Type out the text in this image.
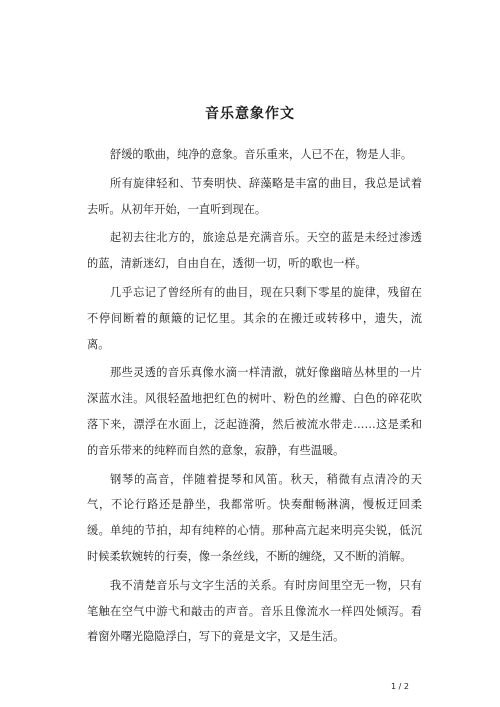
音乐意象作文

舒缓的歌曲，纯净的意象。音乐重来，人已不在，物是人非。

所有旋律轻和、节奏明快、辞藻略是丰富的曲目，我总是试着去听。从初年开始，一直听到现在。

起初去往北方的，旅途总是充满音乐。天空的蓝是未经过渗透的蓝，清新迷幻，自由自在，透彻一切，听的歌也一样。

几乎忘记了曾经所有的曲目，现在只剩下零星的旋律，残留在不停间断着的颠簸的记忆里。其余的在搬迁或转移中，遗失，流离。

那些灵透的音乐真像水滴一样清澈，就好像幽暗丛林里的一片深蓝水洼。风很轻盈地把红色的树叶、粉色的丝瓣、白色的碎花吹落下来，漂浮在水面上，泛起涟漪，然后被流水带走……这是柔和的音乐带来的纯粹而自然的意象，寂静，有些温暖。

钢琴的高音，伴随着提琴和风笛。秋天，稍微有点清冷的天气，不论行路还是静坐，我都常听。快奏酣畅淋漓，慢板迂回柔缓。单纯的节拍，却有纯粹的心情。那种高亢起来明亮尖锐，低沉时候柔软婉转的行奏，像一条丝线，不断的缠绕，又不断的消解。

我不清楚音乐与文字生活的关系。有时房间里空无一物，只有笔触在空气中游弋和敲击的声音。音乐且像流水一样四处倾泻。看着窗外曙光隐隐浮白，写下的竟是文字，又是生活。

1 / 2
